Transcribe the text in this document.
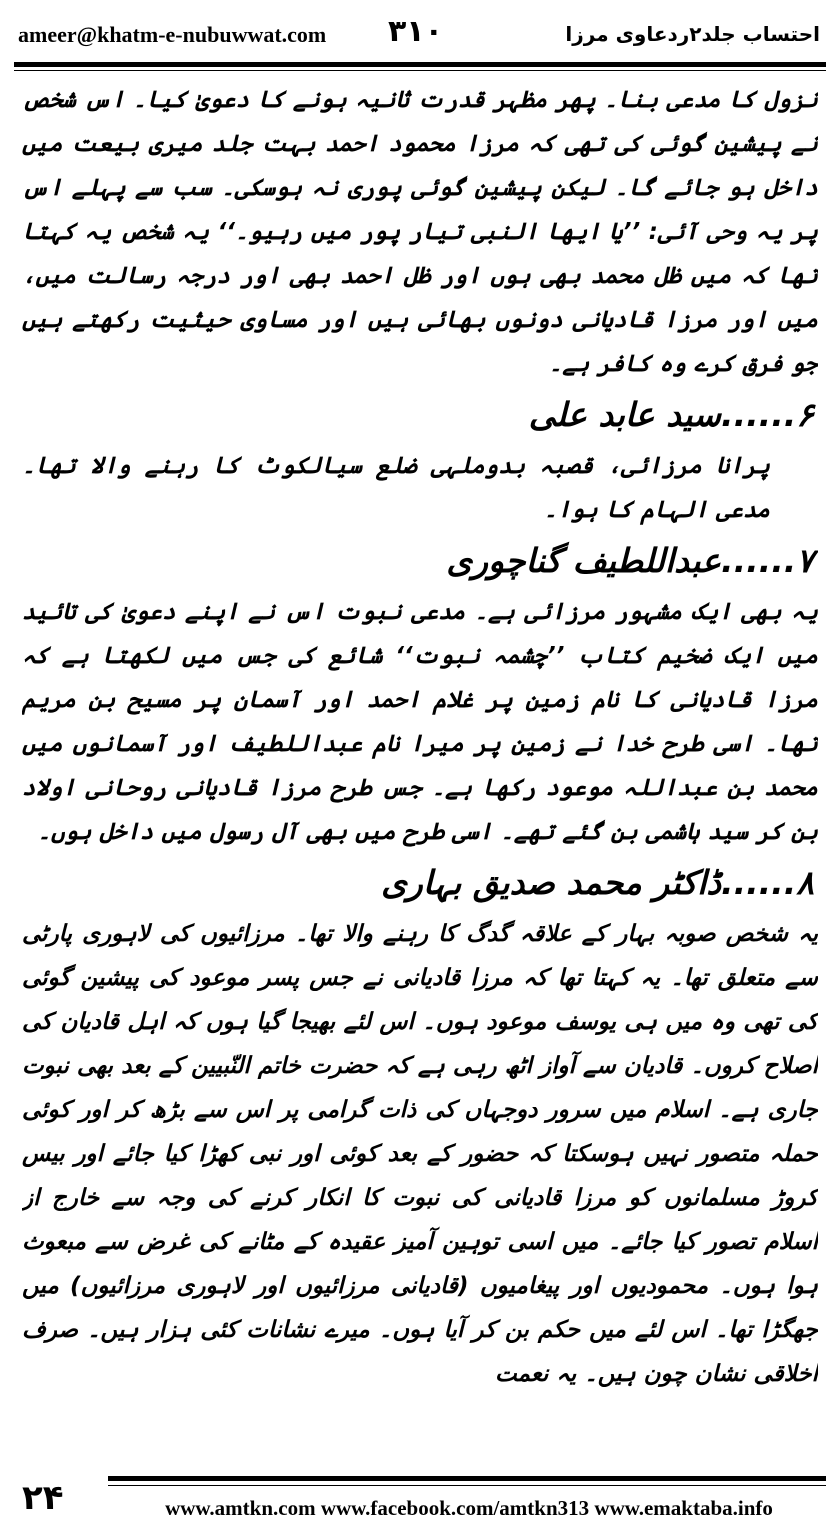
ameer@khatm-e-nubuwwat.com ۳۱۰	احتساب جلد۲ردعاوی مرزا

نزول کا مدعی بنا۔ پھر مظہر قدرت ثانیہ ہونے کا دعویٰ کیا۔ اس شخص نے پیشین گوئی کی تھی کہ مرزا محمود احمد بہت جلد میری بیعت میں داخل ہو جائے گا۔ لیکن پیشین گوئی پوری نہ ہوسکی۔ سب سے پہلے اس پر یہ وحی آئی: ’’یا ایھا النبی تیار پور میں رہیو۔‘‘ یہ شخص یہ کہتا تھا کہ میں ظل محمد بھی ہوں اور ظل احمد بھی اور درجہ رسالت میں، میں اور مرزا قادیانی دونوں بھائی ہیں اور مساوی حیثیت رکھتے ہیں جو فرق کرے وہ کافر ہے۔

۶......سید عابد علی

پرانا مرزائی، قصبہ بدوملہی ضلع سیالکوٹ کا رہنے والا تھا۔ مدعی الہام کا ہوا۔

۷......عبداللطیف گناچوری

یہ بھی ایک مشہور مرزائی ہے۔ مدعی نبوت اس نے اپنے دعویٰ کی تائید میں ایک ضخیم کتاب ’’چشمہ نبوت‘‘ شائع کی جس میں لکھتا ہے کہ مرزا قادیانی کا نام زمین پر غلام احمد اور آسمان پر مسیح بن مریم تھا۔ اسی طرح خدا نے زمین پر میرا نام عبداللطیف اور آسمانوں میں محمد بن عبداللہ موعود رکھا ہے۔ جس طرح مرزا قادیانی روحانی اولاد بن کر سید ہاشمی بن گئے تھے۔ اسی طرح میں بھی آل رسول میں داخل ہوں۔

۸......ڈاکٹر محمد صدیق بہاری

یہ شخص صوبہ بہار کے علاقہ گدگ کا رہنے والا تھا۔ مرزائیوں کی لاہوری پارٹی سے متعلق تھا۔ یہ کہتا تھا کہ مرزا قادیانی نے جس پسر موعود کی پیشین گوئی کی تھی وہ میں ہی یوسف موعود ہوں۔ اس لئے بھیجا گیا ہوں کہ اہل قادیان کی اصلاح کروں۔ قادیان سے آواز اٹھ رہی ہے کہ حضرت خاتم النّبیین کے بعد بھی نبوت جاری ہے۔ اسلام میں سرور دوجہاں کی ذات گرامی پر اس سے بڑھ کر اور کوئی حملہ متصور نہیں ہوسکتا کہ حضور کے بعد کوئی اور نبی کھڑا کیا جائے اور بیس کروڑ مسلمانوں کو مرزا قادیانی کی نبوت کا انکار کرنے کی وجہ سے خارج از اسلام تصور کیا جائے۔ میں اسی توہین آمیز عقیدہ کے مٹانے کی غرض سے مبعوث ہوا ہوں۔ محمودیوں اور پیغامیوں (قادیانی مرزائیوں اور لاہوری مرزائیوں) میں جھگڑا تھا۔ اس لئے میں حکم بن کر آیا ہوں۔ میرے نشانات کئی ہزار ہیں۔ صرف اخلاقی نشان چون ہیں۔ یہ نعمت

۲۴	www.amtkn.com www.facebook.com/amtkn313 www.emaktaba.info
